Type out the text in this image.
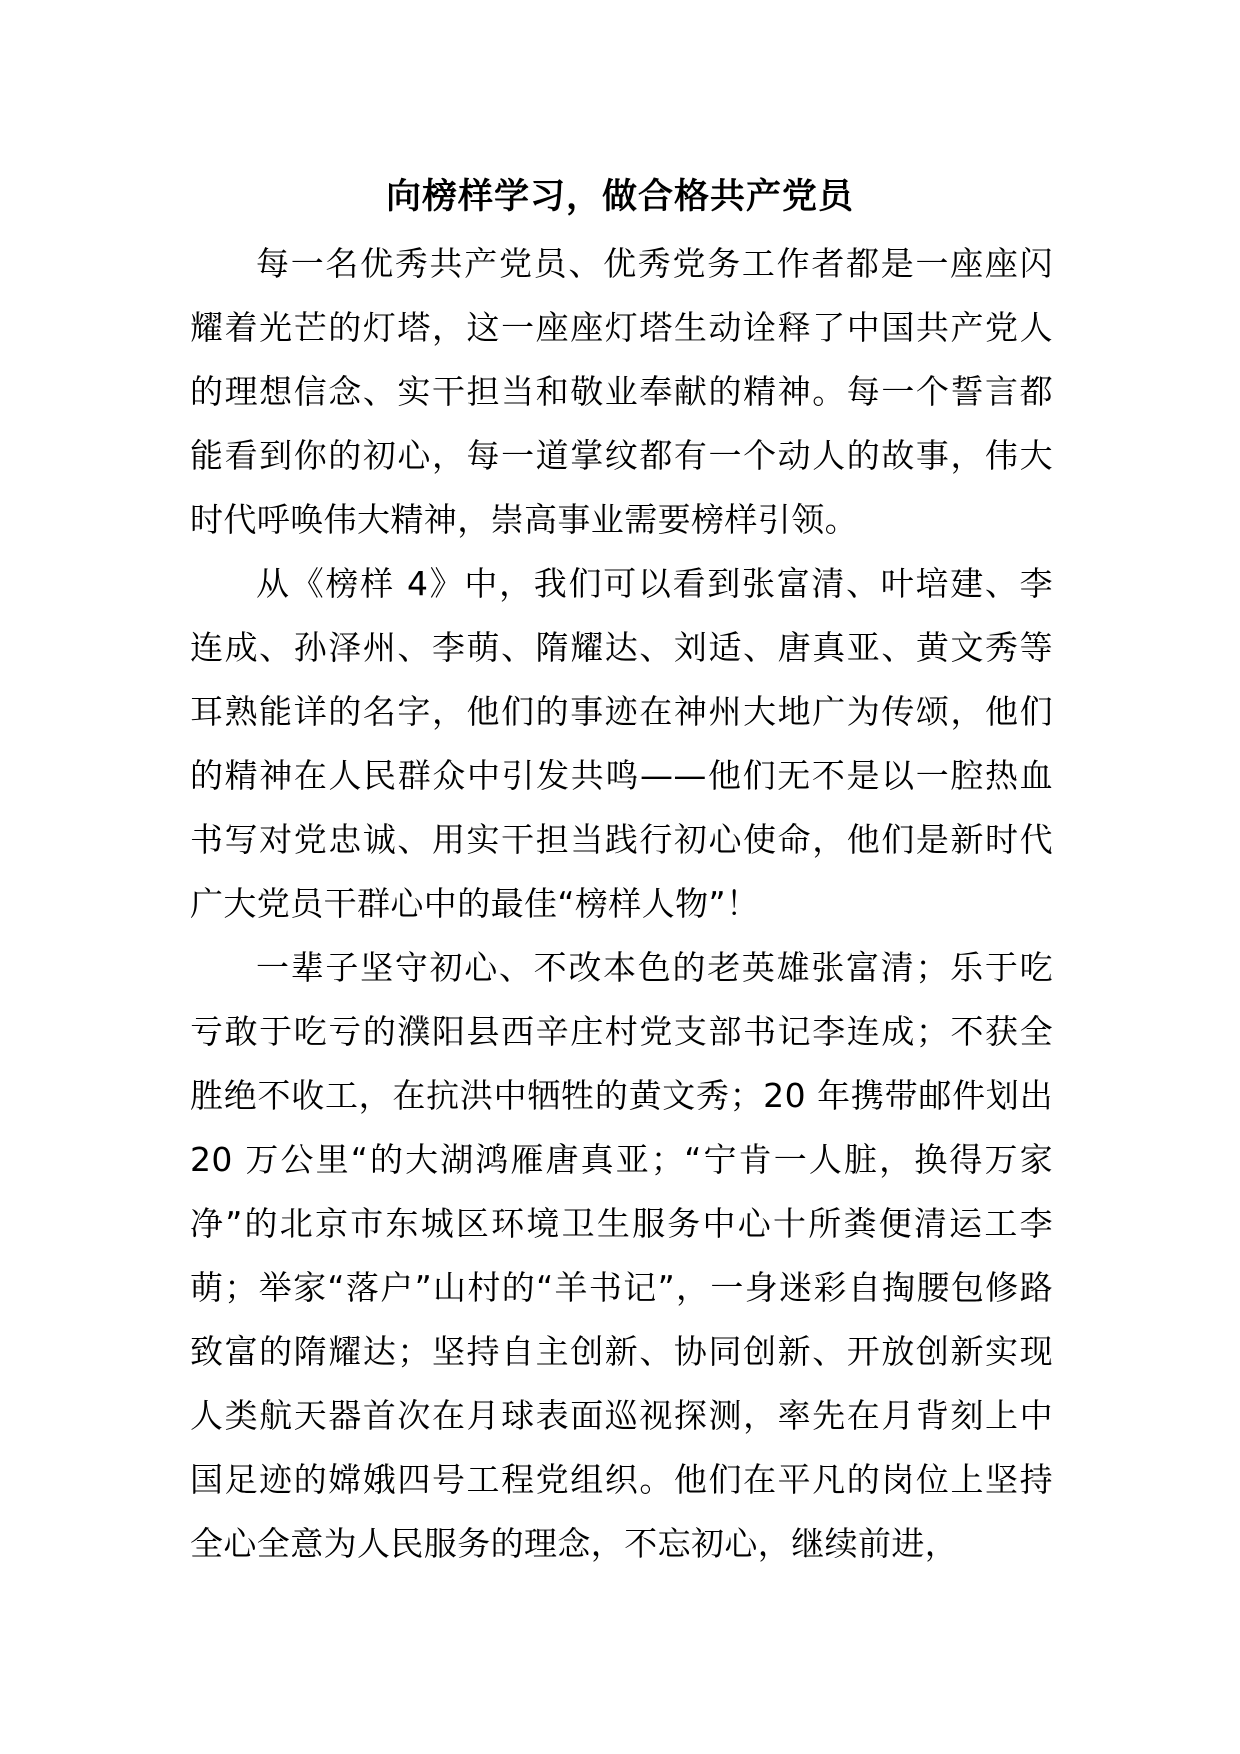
向榜样学习，做合格共产党员

每一名优秀共产党员、优秀党务工作者都是一座座闪耀着光芒的灯塔，这一座座灯塔生动诠释了中国共产党人的理想信念、实干担当和敬业奉献的精神。每一个誓言都能看到你的初心，每一道掌纹都有一个动人的故事，伟大时代呼唤伟大精神，崇高事业需要榜样引领。

从《榜样 4》中，我们可以看到张富清、叶培建、李连成、孙泽州、李萌、隋耀达、刘适、唐真亚、黄文秀等耳熟能详的名字，他们的事迹在神州大地广为传颂，他们的精神在人民群众中引发共鸣——他们无不是以一腔热血书写对党忠诚、用实干担当践行初心使命，他们是新时代广大党员干群心中的最佳“榜样人物”！

一辈子坚守初心、不改本色的老英雄张富清；乐于吃亏敢于吃亏的濮阳县西辛庄村党支部书记李连成；不获全胜绝不收工，在抗洪中牺牲的黄文秀；20 年携带邮件划出 20 万公里“的大湖鸿雁唐真亚；“宁肯一人脏，换得万家净”的北京市东城区环境卫生服务中心十所粪便清运工李萌；举家“落户”山村的“羊书记”，一身迷彩自掏腰包修路致富的隋耀达；坚持自主创新、协同创新、开放创新实现人类航天器首次在月球表面巡视探测，率先在月背刻上中国足迹的嫦娥四号工程党组织。他们在平凡的岗位上坚持全心全意为人民服务的理念，不忘初心，继续前进，
